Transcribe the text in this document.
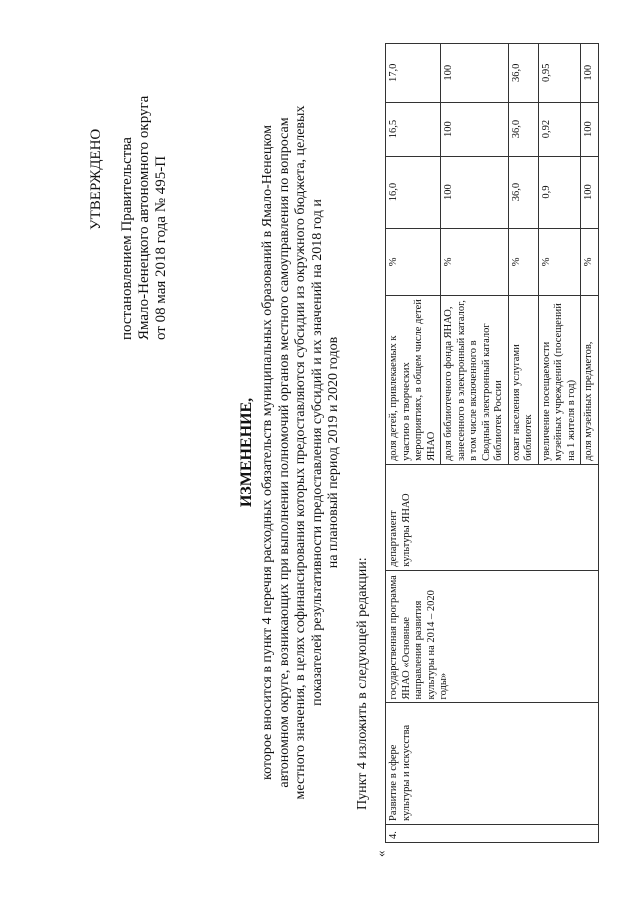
УТВЕРЖДЕНО постановлением Правительства Ямало-Ненецкого автономного округа от 08 мая 2018 года № 495-П
ИЗМЕНЕНИЕ, которое вносится в пункт 4 перечня расходных обязательств муниципальных образований в Ямало-Ненецком автономном округе, возникающих при выполнении полномочий органов местного самоуправления по вопросам местного значения, в целях софинансирования которых предоставляются субсидии из окружного бюджета, целевых показателей результативности предоставления субсидий и их значений на 2018 год и на плановый период 2019 и 2020 годов
Пункт 4 изложить в следующей редакции:
«
4.	Развитие в сфере культуры и искусства	государственная программа ЯНАО «Основные направления развития культуры на 2014 – 2020 годы»	департамент культуры ЯНАО	доля детей, привлекаемых к участию в творческих мероприятиях, в общем числе детей ЯНАО	%	16,0	16,5	17,0
				доля библиотечного фонда ЯНАО, занесенного в электронный каталог, в том числе включенного в Сводный электронный каталог библиотек России	%	100	100	100
				охват населения услугами библиотек	%	36,0	36,0	36,0
				увеличение посещаемости музейных учреждений (посещений на 1 жителя в год)	%	0,9	0,92	0,95
				доля музейных предметов,	%	100	100	100
